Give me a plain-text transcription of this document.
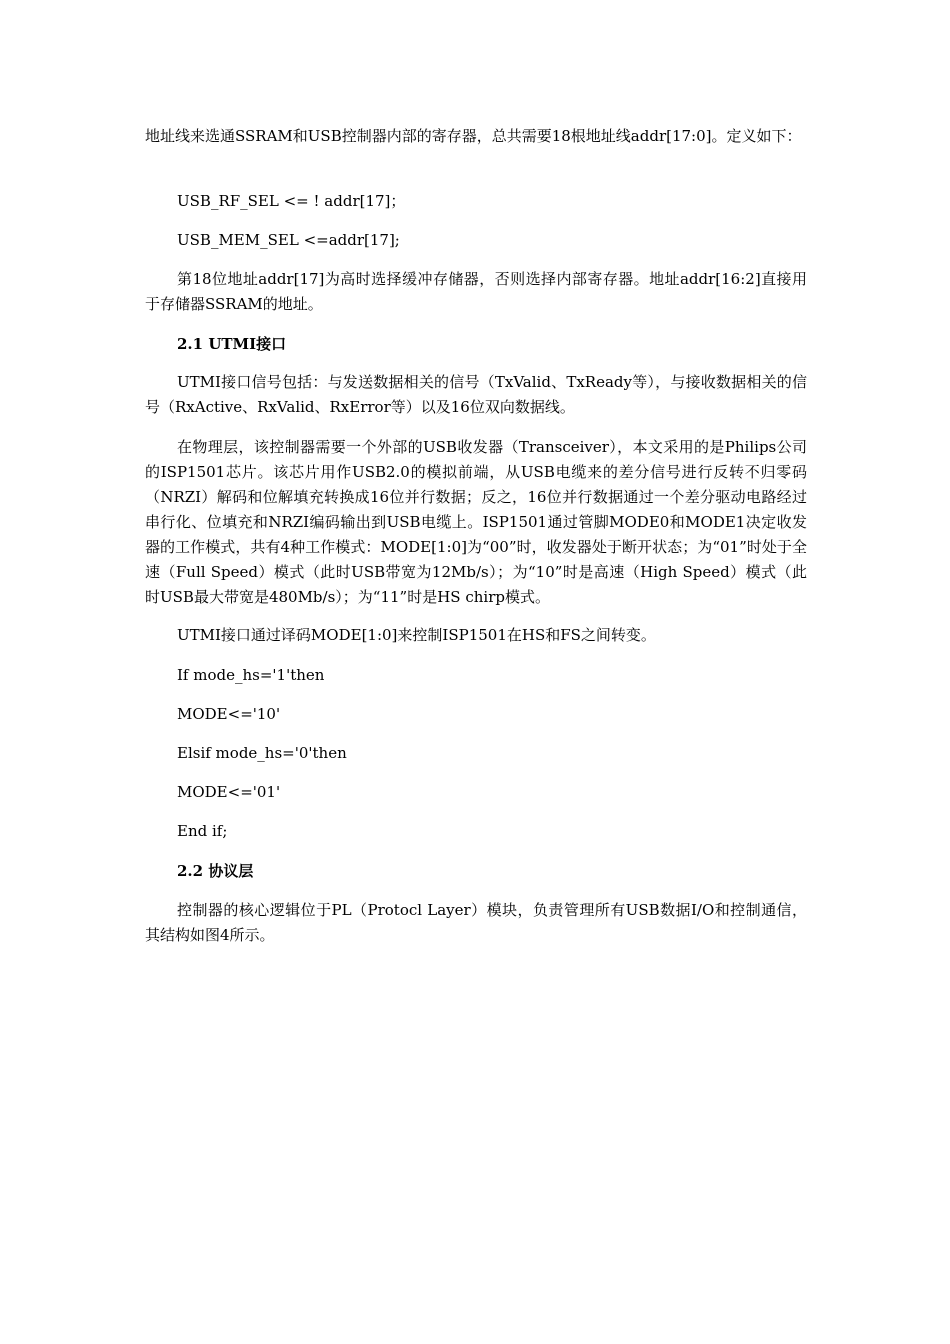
地址线来选通SSRAM和USB控制器内部的寄存器，总共需要18根地址线addr[17:0]。定义如下：

USB_RF_SEL <= ! addr[17]；

USB_MEM_SEL <=addr[17];

第18位地址addr[17]为高时选择缓冲存储器，否则选择内部寄存器。地址addr[16:2]直接用于存储器SSRAM的地址。

2.1 UTMI接口

UTMI接口信号包括：与发送数据相关的信号（TxValid、TxReady等），与接收数据相关的信号（RxActive、RxValid、RxError等）以及16位双向数据线。

在物理层，该控制器需要一个外部的USB收发器（Transceiver），本文采用的是Philips公司的ISP1501芯片。该芯片用作USB2.0的模拟前端，从USB电缆来的差分信号进行反转不归零码（NRZI）解码和位解填充转换成16位并行数据；反之，16位并行数据通过一个差分驱动电路经过串行化、位填充和NRZI编码输出到USB电缆上。ISP1501通过管脚MODE0和MODE1决定收发器的工作模式，共有4种工作模式：MODE[1:0]为“00”时，收发器处于断开状态；为“01”时处于全速（Full Speed）模式（此时USB带宽为12Mb/s）；为“10”时是高速（High Speed）模式（此时USB最大带宽是480Mb/s）；为“11”时是HS chirp模式。

UTMI接口通过译码MODE[1:0]来控制ISP1501在HS和FS之间转变。

If mode_hs='1'then

MODE<='10'

Elsif mode_hs='0'then

MODE<='01'

End if;

2.2 协议层

控制器的核心逻辑位于PL（Protocl Layer）模块，负责管理所有USB数据I/O和控制通信，其结构如图4所示。
